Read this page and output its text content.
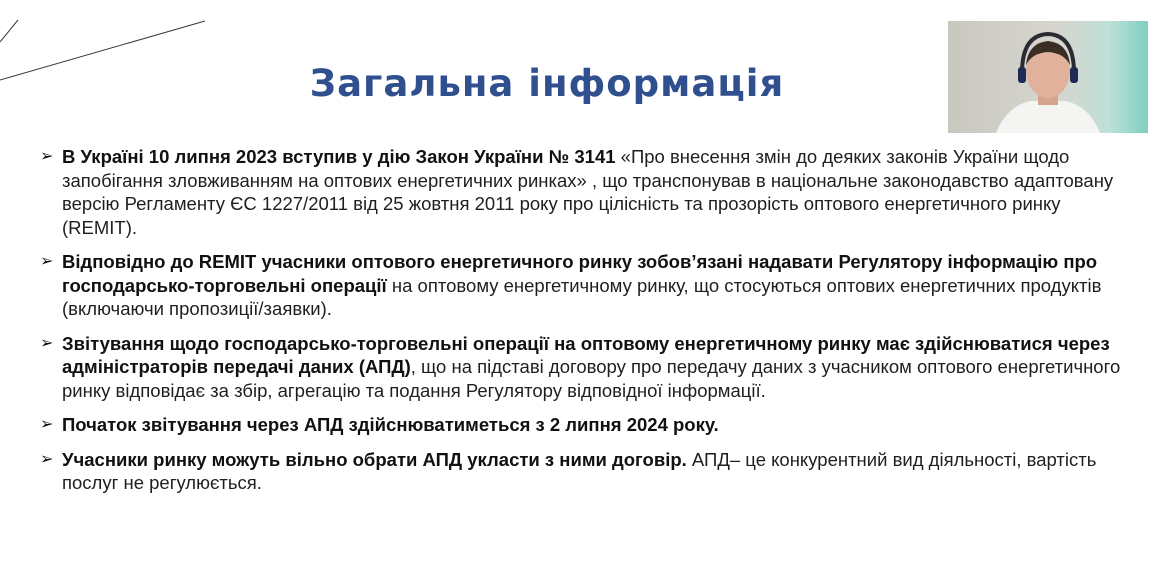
Загальна інформація
➢ В Україні 10 липня 2023 вступив у дію Закон України № 3141 «Про внесення змін до деяких законів України щодо запобігання зловживанням на оптових енергетичних ринках» , що транспонував в національне законодавство адаптовану версію Регламенту ЄС 1227/2011 від 25 жовтня 2011 року про цілісність та прозорість оптового енергетичного ринку (REMIT).
➢ Відповідно до REMIT учасники оптового енергетичного ринку зобов’язані надавати Регулятору інформацію про господарсько-торговельні операції на оптовому енергетичному ринку, що стосуються оптових енергетичних продуктів (включаючи пропозиції/заявки).
➢ Звітування щодо господарсько-торговельні операції на оптовому енергетичному ринку має здійснюватися через адміністраторів передачі даних (АПД), що на підставі договору про передачу даних з учасником оптового енергетичного ринку відповідає за збір, агрегацію та подання Регулятору відповідної інформації.
➢ Початок звітування через АПД здійснюватиметься з 2 липня 2024 року.
➢ Учасники ринку можуть вільно обрати АПД укласти з ними договір. АПД– це конкурентний вид діяльності, вартість послуг не регулюється.
